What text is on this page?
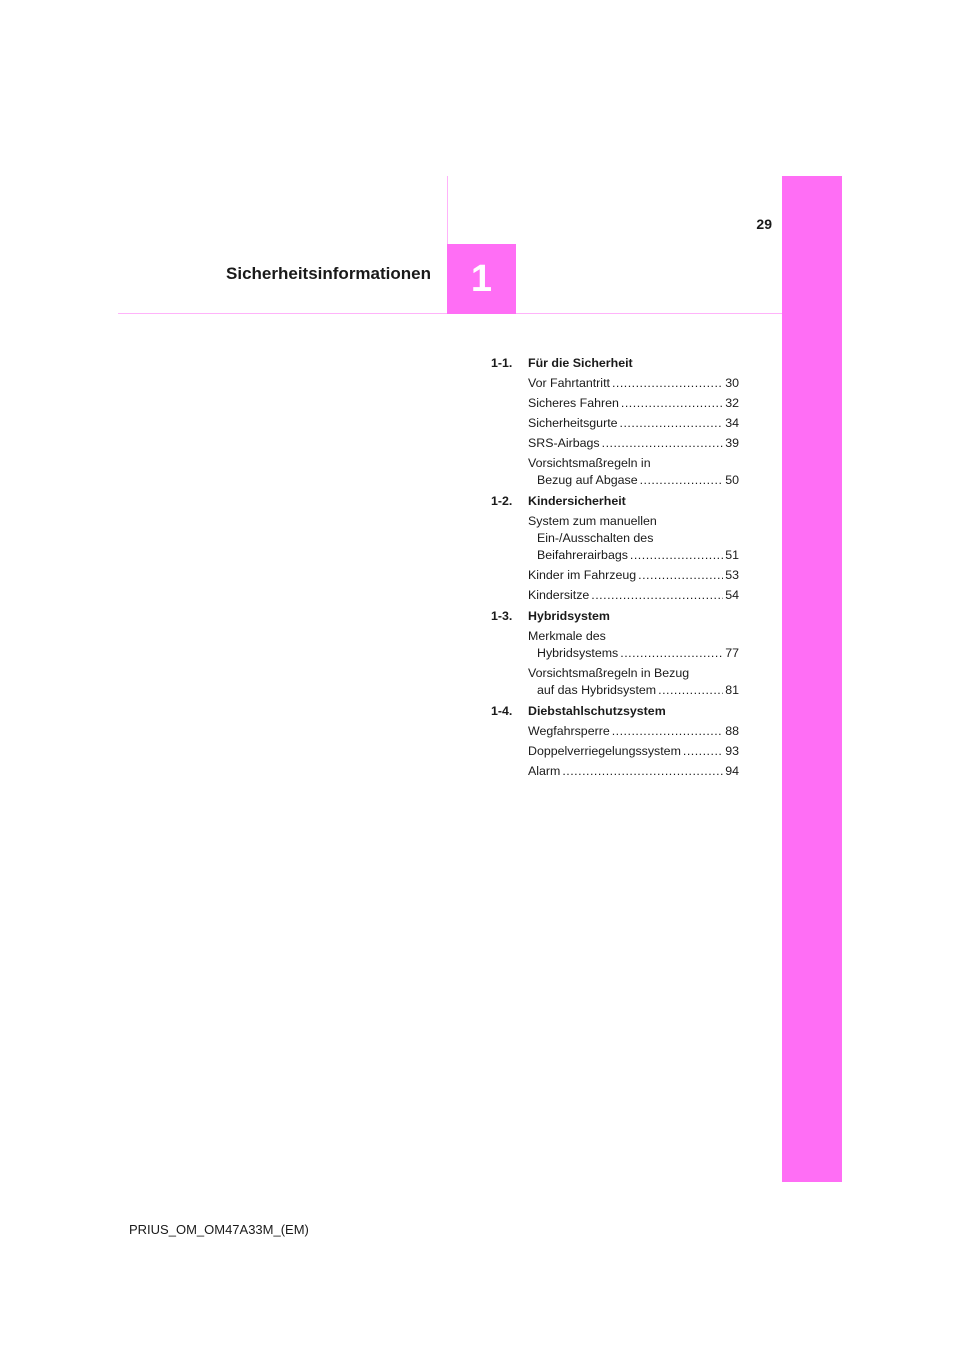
1
29
Sicherheitsinformationen
1-1.	Für die Sicherheit
Vor Fahrtantritt .....	30
Sicheres Fahren .....	32
Sicherheitsgurte .....	34
SRS-Airbags .....	39
Vorsichtsmaßregeln in
Bezug auf Abgase .....	50
1-2.	Kindersicherheit
System zum manuellen
Ein-/Ausschalten des
Beifahrerairbags .....	51
Kinder im Fahrzeug .....	53
Kindersitze .....	54
1-3.	Hybridsystem
Merkmale des
Hybridsystems .....	77
Vorsichtsmaßregeln in Bezug
auf das Hybridsystem .....	81
1-4.	Diebstahlschutzsystem
Wegfahrsperre .....	88
Doppelverriegelungssystem .....	93
Alarm .....	94
PRIUS_OM_OM47A33M_(EM)
